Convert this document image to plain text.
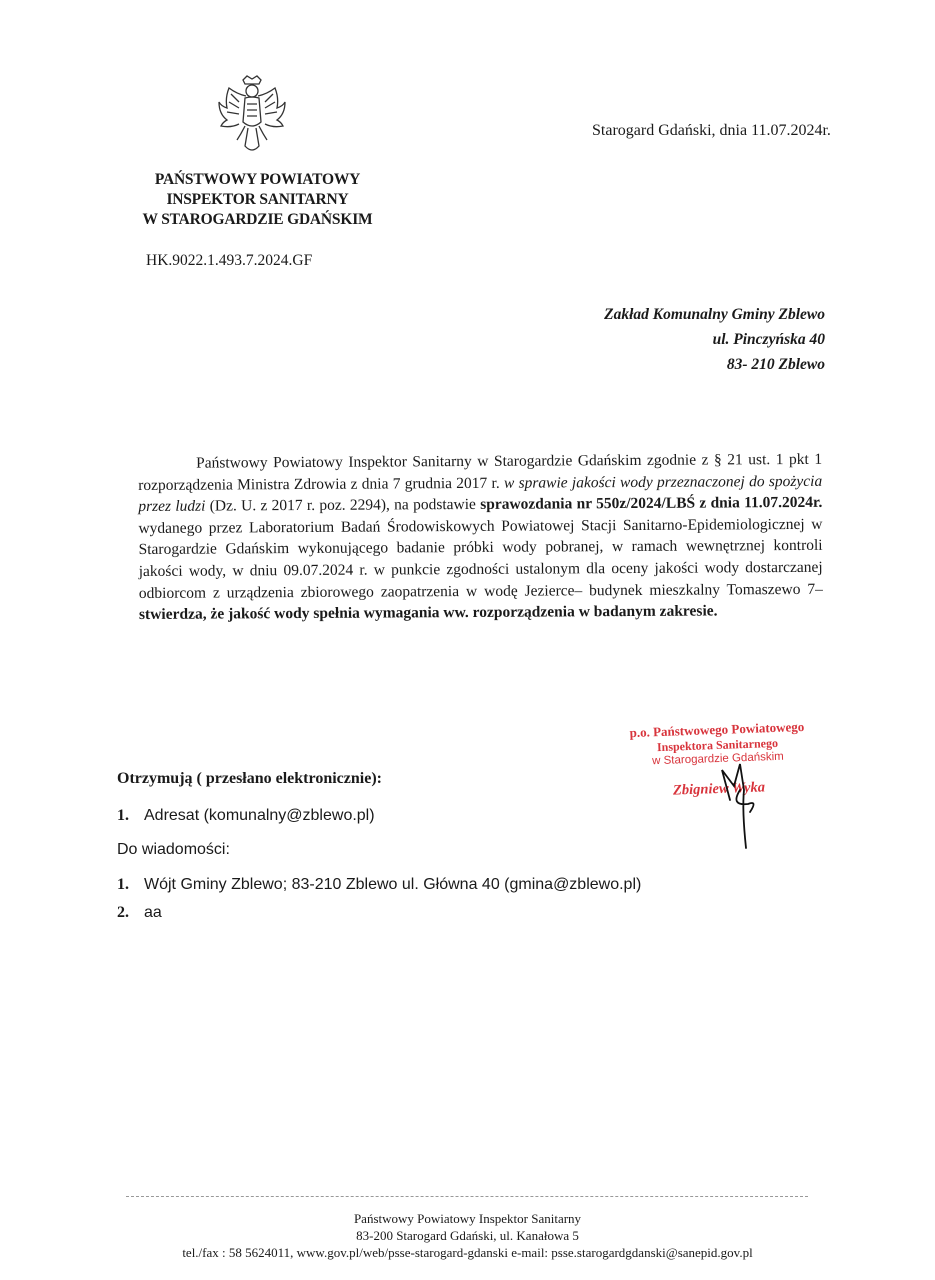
PAŃSTWOWY POWIATOWY
INSPEKTOR SANITARNY
W STAROGARDZIE GDAŃSKIM
Starogard Gdański, dnia 11.07.2024r.
HK.9022.1.493.7.2024.GF
Zakład Komunalny Gminy Zblewo
ul. Pinczyńska 40
83- 210 Zblewo
Państwowy Powiatowy Inspektor Sanitarny w Starogardzie Gdańskim zgodnie z § 21 ust. 1 pkt 1 rozporządzenia Ministra Zdrowia z dnia 7 grudnia 2017 r. w sprawie jakości wody przeznaczonej do spożycia przez ludzi (Dz. U. z 2017 r. poz. 2294), na podstawie sprawozdania nr 550z/2024/LBŚ z dnia 11.07.2024r. wydanego przez Laboratorium Badań Środowiskowych Powiatowej Stacji Sanitarno-Epidemiologicznej w Starogardzie Gdańskim wykonującego badanie próbki wody pobranej, w ramach wewnętrznej kontroli jakości wody, w dniu 09.07.2024 r. w punkcie zgodności ustalonym dla oceny jakości wody dostarczanej odbiorcom z urządzenia zbiorowego zaopatrzenia w wodę Jezierce– budynek mieszkalny Tomaszewo 7– stwierdza, że jakość wody spełnia wymagania ww. rozporządzenia w badanym zakresie.
p.o. Państwowego Powiatowego
Inspektora Sanitarnego
w Starogardzie Gdańskim
Zbigniew Wyka
Otrzymują ( przesłano elektronicznie):
1. Adresat (komunalny@zblewo.pl)
Do wiadomości:
1. Wójt Gminy Zblewo; 83-210 Zblewo ul. Główna 40 (gmina@zblewo.pl)
2. aa
Państwowy Powiatowy Inspektor Sanitarny
83-200 Starogard Gdański, ul. Kanałowa 5
tel./fax : 58 5624011, www.gov.pl/web/psse-starogard-gdanski e-mail: psse.starogardgdanski@sanepid.gov.pl
